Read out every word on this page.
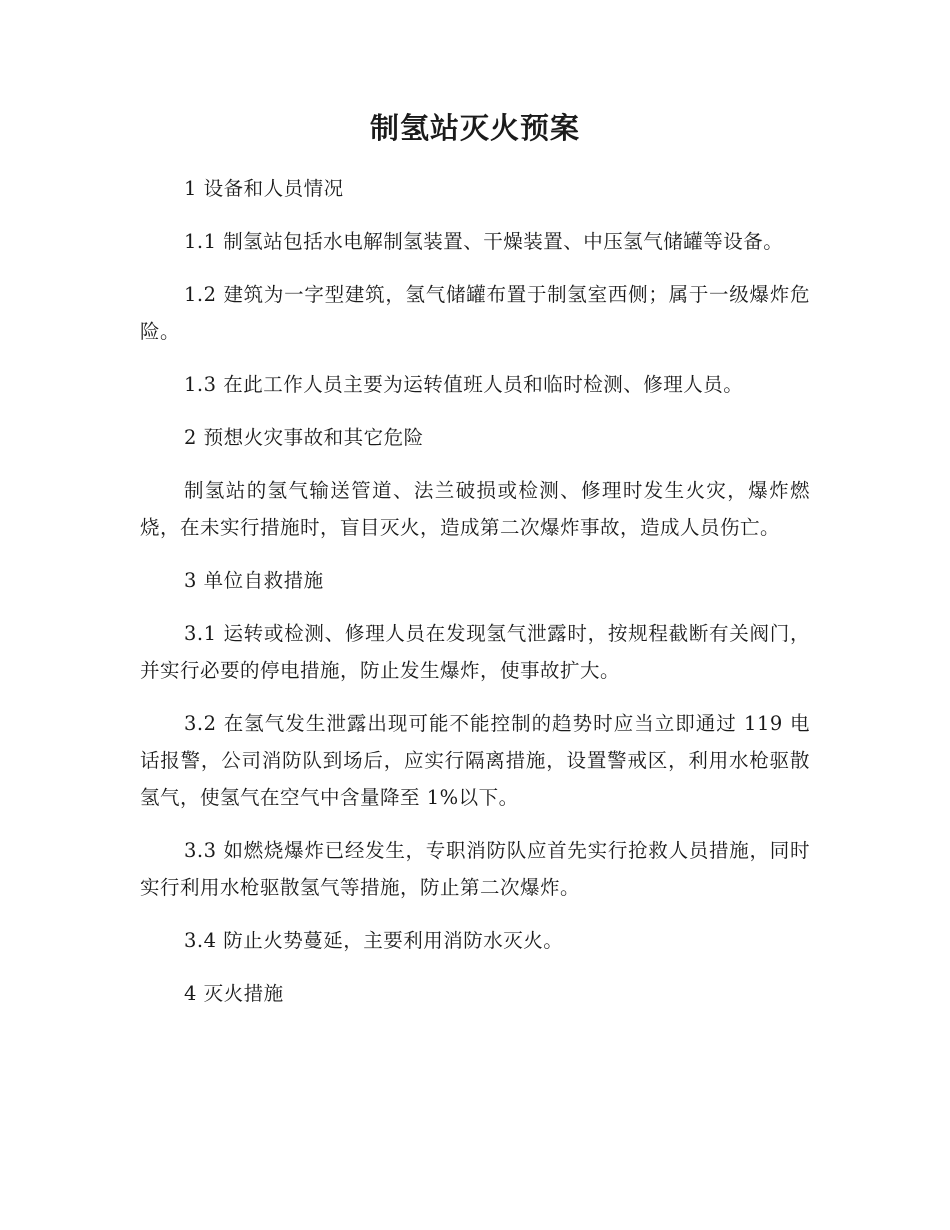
制氢站灭火预案

1 设备和人员情况

1.1 制氢站包括水电解制氢装置、干燥装置、中压氢气储罐等设备。

1.2 建筑为一字型建筑，氢气储罐布置于制氢室西侧；属于一级爆炸危险。

1.3 在此工作人员主要为运转值班人员和临时检测、修理人员。

2 预想火灾事故和其它危险

制氢站的氢气输送管道、法兰破损或检测、修理时发生火灾，爆炸燃烧，在未实行措施时，盲目灭火，造成第二次爆炸事故，造成人员伤亡。

3 单位自救措施

3.1 运转或检测、修理人员在发现氢气泄露时，按规程截断有关阀门，并实行必要的停电措施，防止发生爆炸，使事故扩大。

3.2 在氢气发生泄露出现可能不能控制的趋势时应当立即通过 119 电话报警，公司消防队到场后，应实行隔离措施，设置警戒区，利用水枪驱散氢气，使氢气在空气中含量降至 1%以下。

3.3 如燃烧爆炸已经发生，专职消防队应首先实行抢救人员措施，同时实行利用水枪驱散氢气等措施，防止第二次爆炸。

3.4 防止火势蔓延，主要利用消防水灭火。

4 灭火措施
